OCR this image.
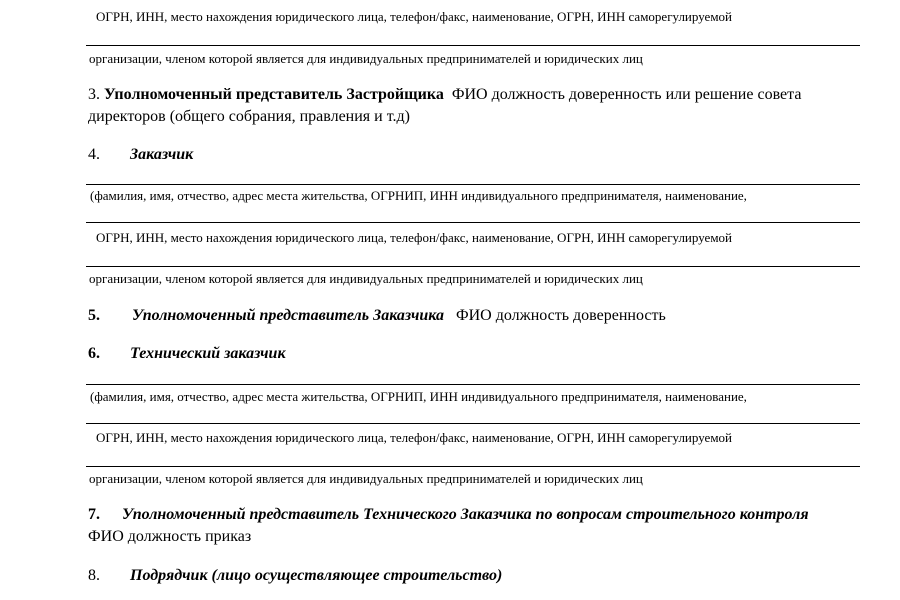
ОГРН, ИНН, место нахождения юридического лица, телефон/факс, наименование, ОГРН, ИНН саморегулируемой
организации, членом которой является для индивидуальных предпринимателей и юридических лиц
3. Уполномоченный представитель Застройщика ФИО должность доверенность или решение совета директоров (общего собрания, правления и т.д)
4. Заказчик
(фамилия, имя, отчество, адрес места жительства, ОГРНИП, ИНН индивидуального предпринимателя, наименование,
ОГРН, ИНН, место нахождения юридического лица, телефон/факс, наименование, ОГРН, ИНН саморегулируемой
организации, членом которой является для индивидуальных предпринимателей и юридических лиц
5. Уполномоченный представитель Заказчика ФИО должность доверенность
6. Технический заказчик
(фамилия, имя, отчество, адрес места жительства, ОГРНИП, ИНН индивидуального предпринимателя, наименование,
ОГРН, ИНН, место нахождения юридического лица, телефон/факс, наименование, ОГРН, ИНН саморегулируемой
организации, членом которой является для индивидуальных предпринимателей и юридических лиц
7. Уполномоченный представитель Технического Заказчика по вопросам строительного контроля ФИО должность приказ
8. Подрядчик (лицо осуществляющее строительство)
